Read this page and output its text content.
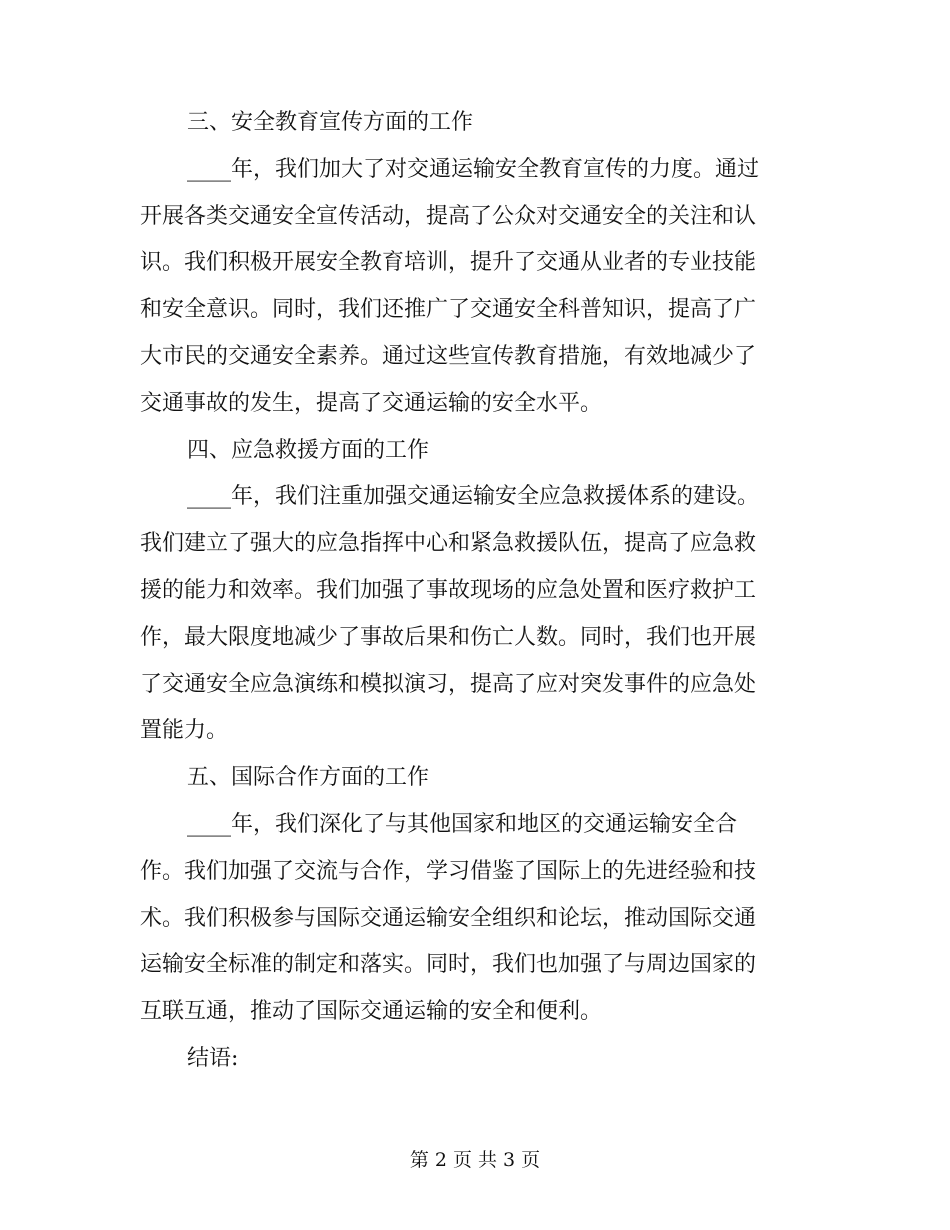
三、安全教育宣传方面的工作

____年，我们加大了对交通运输安全教育宣传的力度。通过

开展各类交通安全宣传活动，提高了公众对交通安全的关注和认

识。我们积极开展安全教育培训，提升了交通从业者的专业技能

和安全意识。同时，我们还推广了交通安全科普知识，提高了广

大市民的交通安全素养。通过这些宣传教育措施，有效地减少了

交通事故的发生，提高了交通运输的安全水平。

四、应急救援方面的工作

____年，我们注重加强交通运输安全应急救援体系的建设。

我们建立了强大的应急指挥中心和紧急救援队伍，提高了应急救

援的能力和效率。我们加强了事故现场的应急处置和医疗救护工

作，最大限度地减少了事故后果和伤亡人数。同时，我们也开展

了交通安全应急演练和模拟演习，提高了应对突发事件的应急处

置能力。

五、国际合作方面的工作

____年，我们深化了与其他国家和地区的交通运输安全合

作。我们加强了交流与合作，学习借鉴了国际上的先进经验和技

术。我们积极参与国际交通运输安全组织和论坛，推动国际交通

运输安全标准的制定和落实。同时，我们也加强了与周边国家的

互联互通，推动了国际交通运输的安全和便利。

结语:

第 2 页 共 3 页
